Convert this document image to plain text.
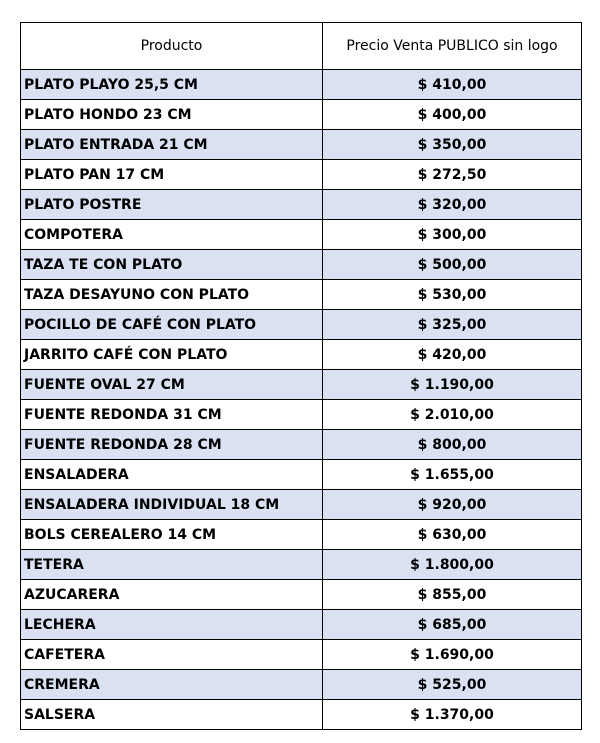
Producto	Precio Venta PUBLICO sin logo
PLATO PLAYO 25,5 CM	$ 410,00
PLATO HONDO 23 CM	$ 400,00
PLATO ENTRADA 21 CM	$ 350,00
PLATO PAN 17 CM	$ 272,50
PLATO POSTRE	$ 320,00
COMPOTERA	$ 300,00
TAZA TE CON PLATO	$ 500,00
TAZA DESAYUNO CON PLATO	$ 530,00
POCILLO DE CAFÉ CON PLATO	$ 325,00
JARRITO CAFÉ CON PLATO	$ 420,00
FUENTE OVAL 27 CM	$ 1.190,00
FUENTE REDONDA 31 CM	$ 2.010,00
FUENTE REDONDA 28 CM	$ 800,00
ENSALADERA	$ 1.655,00
ENSALADERA INDIVIDUAL 18 CM	$ 920,00
BOLS CEREALERO 14 CM	$ 630,00
TETERA	$ 1.800,00
AZUCARERA	$ 855,00
LECHERA	$ 685,00
CAFETERA	$ 1.690,00
CREMERA	$ 525,00
SALSERA	$ 1.370,00
